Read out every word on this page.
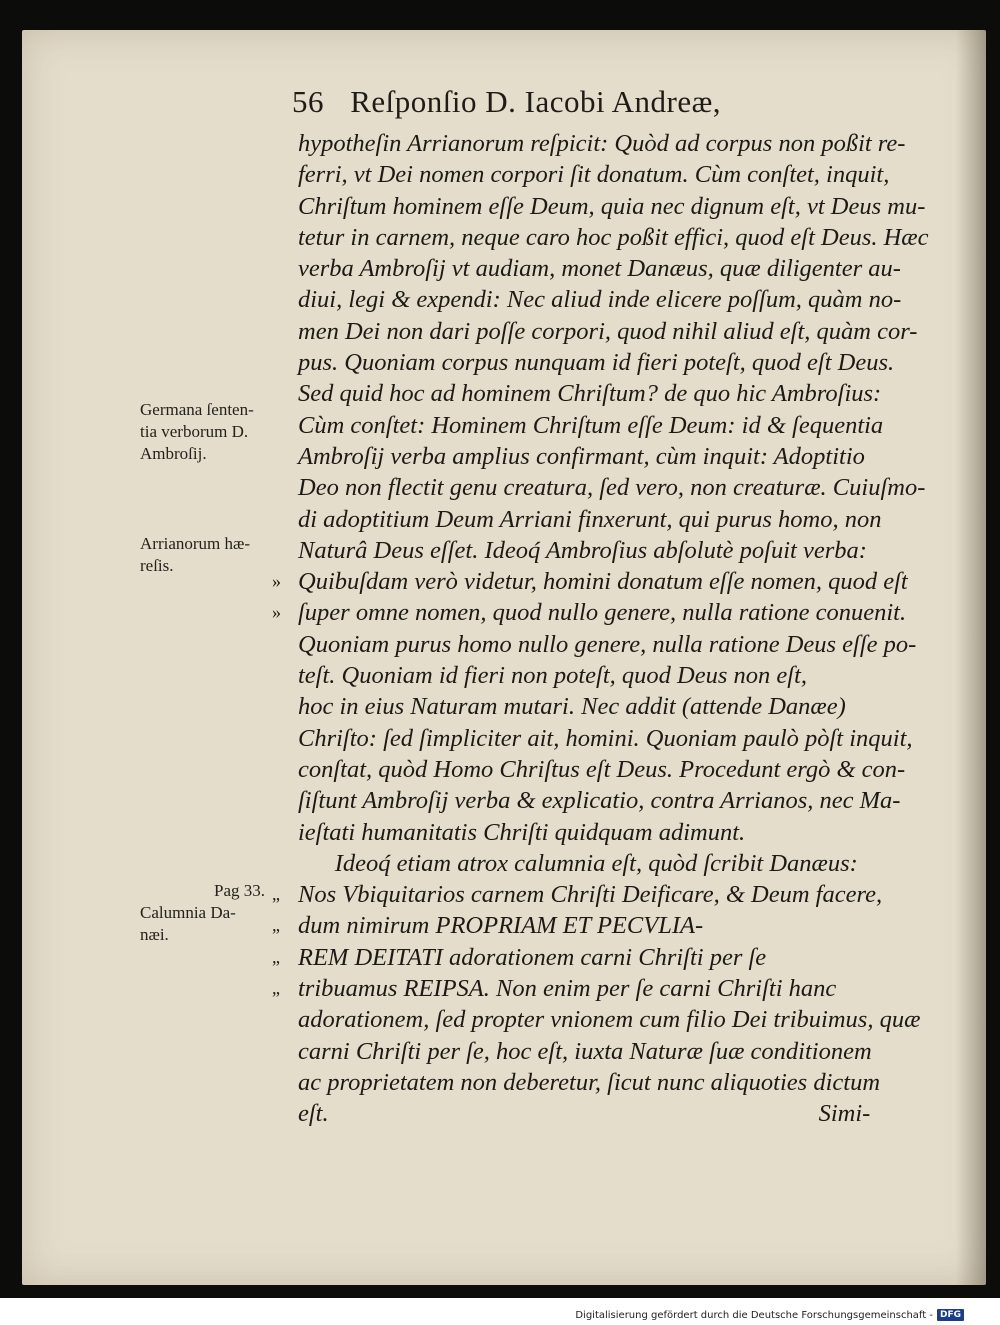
56 Reſponſio D. Iacobi Andreæ,
hypotheſin Arrianorum reſpicit: Quòd ad corpus non poßit re-
ferri, vt Dei nomen corpori ſit donatum. Cùm conſtet, inquit,
Chriſtum hominem eſſe Deum, quia nec dignum eſt, vt Deus mu-
tetur in carnem, neque caro hoc poßit effici, quod eſt Deus. Hæc
verba Ambroſij vt audiam, monet Danæus, quæ diligenter au-
diui, legi & expendi: Nec aliud inde elicere poſſum, quàm no-
men Dei non dari poſſe corpori, quod nihil aliud eſt, quàm cor-
pus. Quoniam corpus nunquam id fieri poteſt, quod eſt Deus.
Sed quid hoc ad hominem Chriſtum? de quo hic Ambroſius:
Cùm conſtet: Hominem Chriſtum eſſe Deum: id & ſequentia
Ambroſij verba amplius confirmant, cùm inquit: Adoptitio
Deo non flectit genu creatura, ſed vero, non creaturæ. Cuiuſmo-
di adoptitium Deum Arriani finxerunt, qui purus homo, non
Naturâ Deus eſſet. Ideoq́ Ambroſius abſolutè poſuit verba:
» Quibuſdam verò videtur, homini donatum eſſe nomen, quod eſt
» ſuper omne nomen, quod nullo genere, nulla ratione conuenit.
Quoniam purus homo nullo genere, nulla ratione Deus eſſe po-
teſt. Quoniam id fieri non poteſt, quod Deus non eſt,
hoc in eius Naturam mutari. Nec addit (attende Danæe)
Chriſto: ſed ſimpliciter ait, homini. Quoniam paulò pòſt inquit,
conſtat, quòd Homo Chriſtus eſt Deus. Procedunt ergò & con-
ſiſtunt Ambroſij verba & explicatio, contra Arrianos, nec Ma-
ieſtati humanitatis Chriſti quidquam adimunt.
Ideoq́ etiam atrox calumnia eſt, quòd ſcribit Danæus:
„ Nos Vbiquitarios carnem Chriſti Deificare, & Deum facere,
„ dum nimirum PROPRIAM ET PECVLIA-
„ REM DEITATI adorationem carni Chriſti per ſe
„ tribuamus REIPSA. Non enim per ſe carni Chriſti hanc
adorationem, ſed propter vnionem cum filio Dei tribuimus, quæ
carni Chriſti per ſe, hoc eſt, iuxta Naturæ ſuæ conditionem
ac proprietatem non deberetur, ſicut nunc aliquoties dictum
eſt.                                                                                Simi-
Germana ſenten-
tia verborum D.
Ambroſij.
Arrianorum hæ-
reſis.
Pag 33.
Calumnia Da-
næi.
Digitalisierung gefördert durch die Deutsche Forschungsgemeinschaft - DFG
